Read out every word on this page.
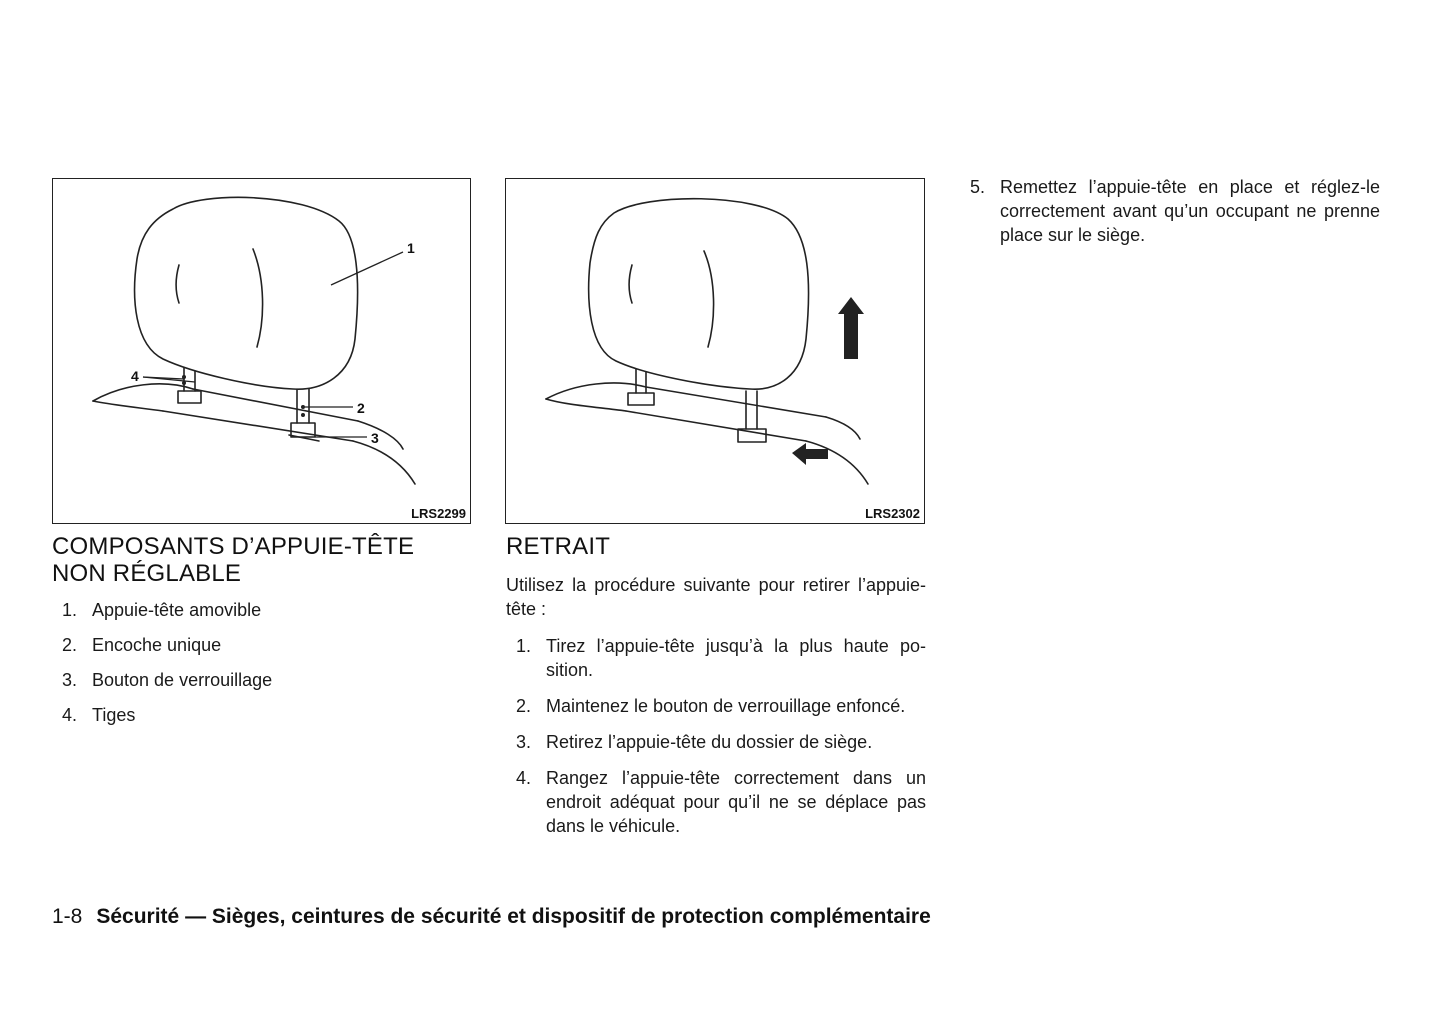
1
2
3
4
LRS2299	LRS2302
COMPOSANTS D’APPUIE-TÊTE
NON RÉGLABLE
1. Appuie-tête amovible
2. Encoche unique
3. Bouton de verrouillage
4. Tiges
RETRAIT

Utilisez la procédure suivante pour retirer l’appuie-tête :

1. Tirez l’appuie-tête jusqu’à la plus haute position.
2. Maintenez le bouton de verrouillage enfoncé.
3. Retirez l’appuie-tête du dossier de siège.
4. Rangez l’appuie-tête correctement dans un endroit adéquat pour qu’il ne se déplace pas dans le véhicule.
5. Remettez l’appuie-tête en place et réglez-le correctement avant qu’un occupant ne prenne place sur le siège.
1-8 Sécurité — Sièges, ceintures de sécurité et dispositif de protection complémentaire
